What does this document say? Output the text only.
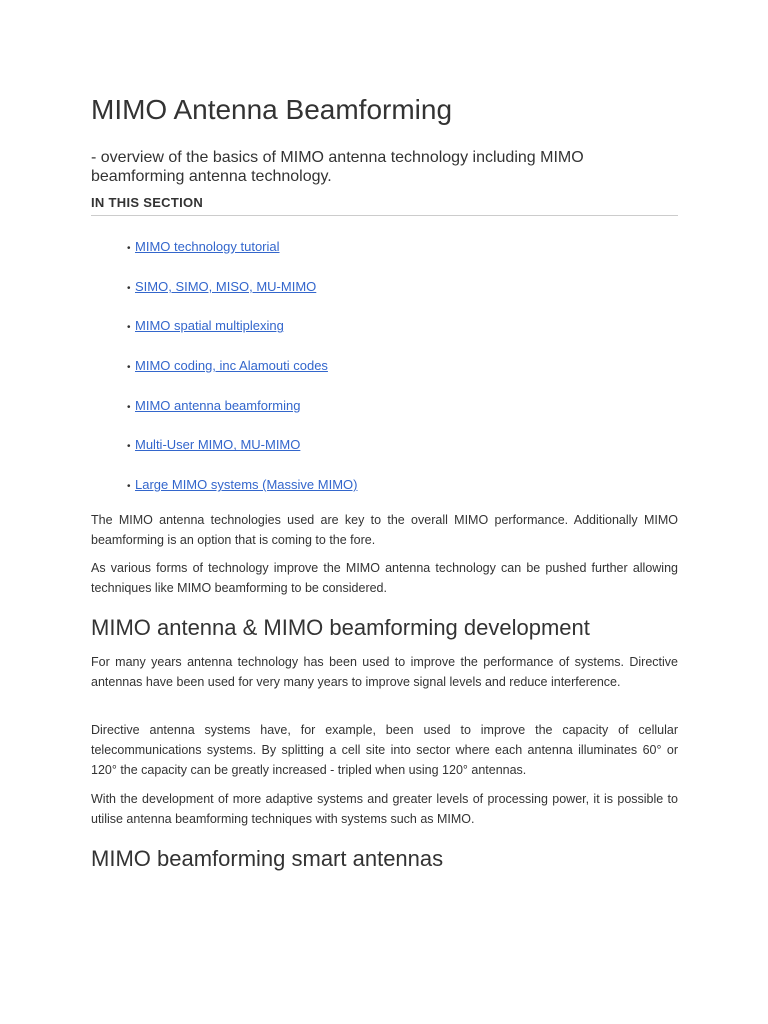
MIMO Antenna Beamforming

- overview of the basics of MIMO antenna technology including MIMO beamforming antenna technology.

IN THIS SECTION
• MIMO technology tutorial
• SIMO, SIMO, MISO, MU-MIMO
• MIMO spatial multiplexing
• MIMO coding, inc Alamouti codes
• MIMO antenna beamforming
• Multi-User MIMO, MU-MIMO
• Large MIMO systems (Massive MIMO)

The MIMO antenna technologies used are key to the overall MIMO performance. Additionally MIMO beamforming is an option that is coming to the fore.

As various forms of technology improve the MIMO antenna technology can be pushed further allowing techniques like MIMO beamforming to be considered.

MIMO antenna & MIMO beamforming development

For many years antenna technology has been used to improve the performance of systems. Directive antennas have been used for very many years to improve signal levels and reduce interference.

Directive antenna systems have, for example, been used to improve the capacity of cellular telecommunications systems. By splitting a cell site into sector where each antenna illuminates 60° or 120° the capacity can be greatly increased - tripled when using 120° antennas.

With the development of more adaptive systems and greater levels of processing power, it is possible to utilise antenna beamforming techniques with systems such as MIMO.

MIMO beamforming smart antennas
